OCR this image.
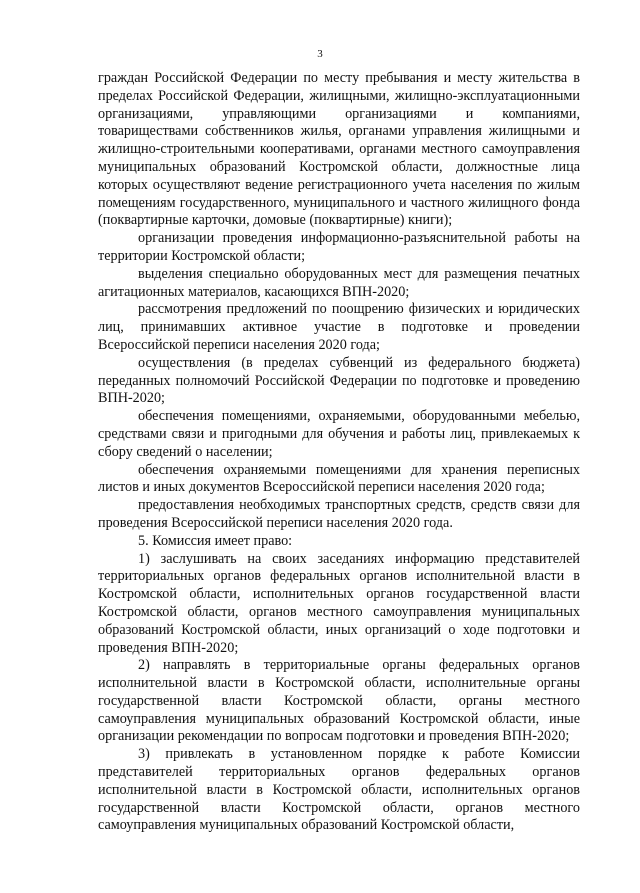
3

граждан Российской Федерации по месту пребывания и месту жительства в пределах Российской Федерации, жилищными, жилищно-эксплуатационными организациями, управляющими организациями и компаниями, товариществами собственников жилья, органами управления жилищными и жилищно-строительными кооперативами, органами местного самоуправления муниципальных образований Костромской области, должностные лица которых осуществляют ведение регистрационного учета населения по жилым помещениям государственного, муниципального и частного жилищного фонда (поквартирные карточки, домовые (поквартирные) книги);

организации проведения информационно-разъяснительной работы на территории Костромской области;

выделения специально оборудованных мест для размещения печатных агитационных материалов, касающихся ВПН-2020;

рассмотрения предложений по поощрению физических и юридических лиц, принимавших активное участие в подготовке и проведении Всероссийской переписи населения 2020 года;

осуществления (в пределах субвенций из федерального бюджета) переданных полномочий Российской Федерации по подготовке и проведению ВПН-2020;

обеспечения помещениями, охраняемыми, оборудованными мебелью, средствами связи и пригодными для обучения и работы лиц, привлекаемых к сбору сведений о населении;

обеспечения охраняемыми помещениями для хранения переписных листов и иных документов Всероссийской переписи населения 2020 года;

предоставления необходимых транспортных средств, средств связи для проведения Всероссийской переписи населения 2020 года.

5. Комиссия имеет право:

1) заслушивать на своих заседаниях информацию представителей территориальных органов федеральных органов исполнительной власти в Костромской области, исполнительных органов государственной власти Костромской области, органов местного самоуправления муниципальных образований Костромской области, иных организаций о ходе подготовки и проведения ВПН-2020;

2) направлять в территориальные органы федеральных органов исполнительной власти в Костромской области, исполнительные органы государственной власти Костромской области, органы местного самоуправления муниципальных образований Костромской области, иные организации рекомендации по вопросам подготовки и проведения ВПН-2020;

3) привлекать в установленном порядке к работе Комиссии представителей территориальных органов федеральных органов исполнительной власти в Костромской области, исполнительных органов государственной власти Костромской области, органов местного самоуправления муниципальных образований Костромской области,
